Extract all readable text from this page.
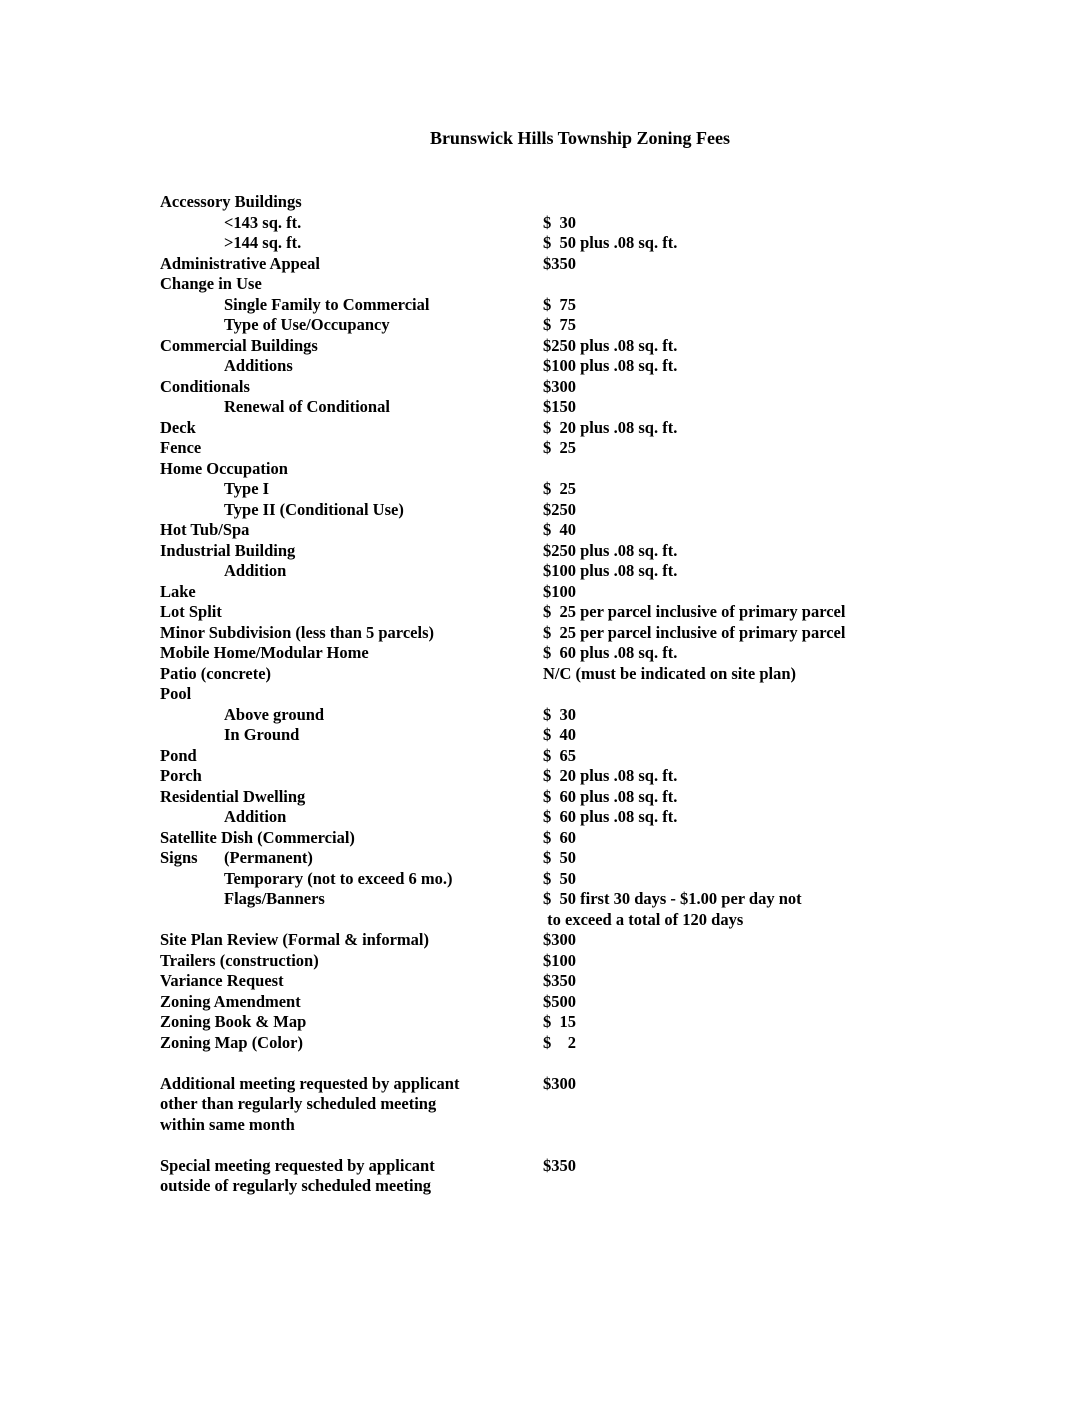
Brunswick Hills Township Zoning Fees
Accessory Buildings
<143 sq. ft.	$  30
>144 sq. ft.	$  50 plus .08 sq. ft.
Administrative Appeal	$350
Change in Use
Single Family to Commercial	$  75
Type of Use/Occupancy	$  75
Commercial Buildings	$250 plus .08 sq. ft.
Additions	$100 plus .08 sq. ft.
Conditionals	$300
Renewal of Conditional	$150
Deck	$  20 plus .08 sq. ft.
Fence	$  25
Home Occupation
Type I	$  25
Type II (Conditional Use)	$250
Hot Tub/Spa	$  40
Industrial Building	$250 plus .08 sq. ft.
Addition	$100 plus .08 sq. ft.
Lake	$100
Lot Split	$  25 per parcel inclusive of primary parcel
Minor Subdivision (less than 5 parcels)	$  25 per parcel inclusive of primary parcel
Mobile Home/Modular Home	$  60 plus .08 sq. ft.
Patio (concrete)	N/C (must be indicated on site plan)
Pool
Above ground	$  30
In Ground	$  40
Pond	$  65
Porch	$  20 plus .08 sq. ft.
Residential Dwelling	$  60 plus .08 sq. ft.
Addition	$  60 plus .08 sq. ft.
Satellite Dish (Commercial)	$  60
Signs (Permanent)	$  50
Temporary (not to exceed 6 mo.)	$  50
Flags/Banners	$  50 first 30 days - $1.00 per day not
to exceed a total of 120 days
Site Plan Review (Formal & informal)	$300
Trailers (construction)	$100
Variance Request	$350
Zoning Amendment	$500
Zoning Book & Map	$  15
Zoning Map (Color)	$    2
Additional meeting requested by applicant	$300
other than regularly scheduled meeting
within same month
Special meeting requested by applicant	$350
outside of regularly scheduled meeting
